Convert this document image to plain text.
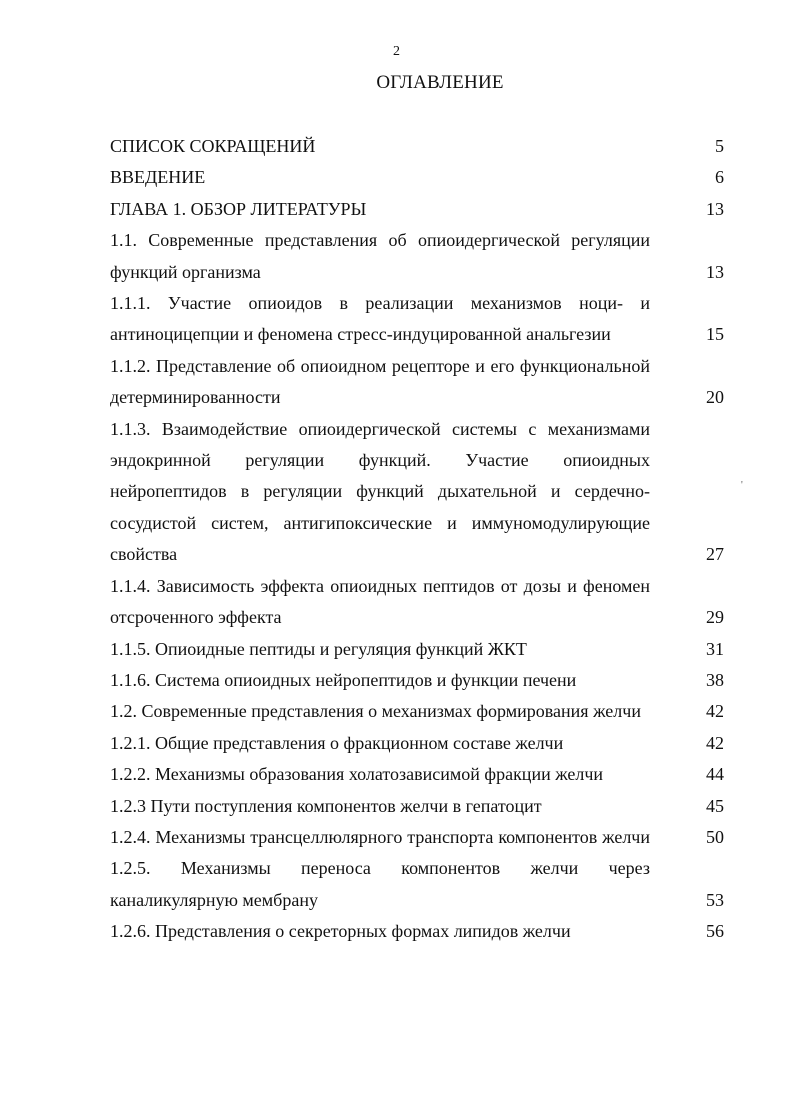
2
ОГЛАВЛЕНИЕ
'
СПИСОК СОКРАЩЕНИЙ	5
ВВЕДЕНИЕ	6
ГЛАВА 1. ОБЗОР ЛИТЕРАТУРЫ	13
1.1. Современные представления об опиоидергической регуляции функций организма	13
1.1.1. Участие опиоидов в реализации механизмов ноци- и антиноцицепции и феномена стресс-индуцированной анальгезии	15
1.1.2. Представление об опиоидном рецепторе и его функциональной детерминированности	20
1.1.3. Взаимодействие опиоидергической системы с механизмами эндокринной регуляции функций. Участие опиоидных нейропептидов в регуляции функций дыхательной и сердечно-сосудистой систем, антигипоксические и иммуномодулирующие свойства	27
1.1.4. Зависимость эффекта опиоидных пептидов от дозы и феномен отсроченного эффекта	29
1.1.5. Опиоидные пептиды и регуляция функций ЖКТ	31
1.1.6. Система опиоидных нейропептидов и функции печени	38
1.2. Современные представления о механизмах формирования желчи	42
1.2.1. Общие представления о фракционном составе желчи	42
1.2.2. Механизмы образования холатозависимой фракции желчи	44
1.2.3 Пути поступления компонентов желчи в гепатоцит	45
1.2.4. Механизмы трансцеллюлярного транспорта компонентов желчи	50
1.2.5. Механизмы переноса компонентов желчи через каналикулярную мембрану	53
1.2.6. Представления о секреторных формах липидов желчи	56
